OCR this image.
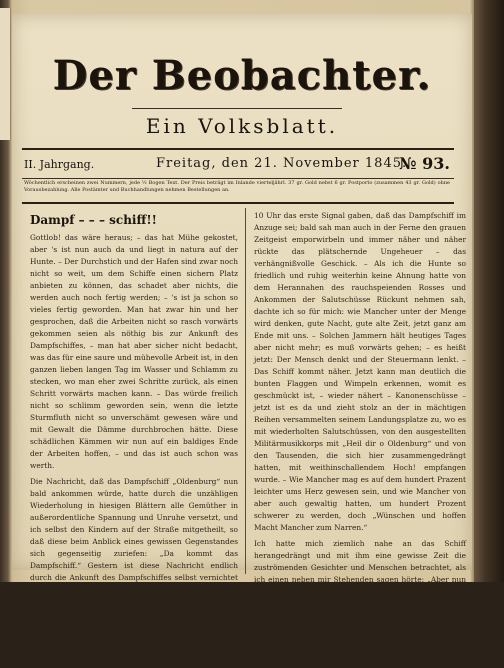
Der Beobachter.
Ein Volksblatt.
II. Jahrgang.	Freitag, den 21. November 1845.
№ 93.
Wöchentlich erscheinen zwei Nummern, jede ½ Bogen Text. Der Preis beträgt im Inlande vierteljährl. 37 gr. Gold nebst 6 gr. Postporto (zusammen 43 gr. Gold) ohne Vorausbezahlung. Alle Postämter und Buchhandlungen nehmen Bestellungen an.
Dampf – – – schiff!!
Gottlob! das wäre heraus; – das hat Mühe gekostet, aber 's ist nun auch da und liegt in natura auf der Hunte. – Der Durchstich und der Hafen sind zwar noch nicht so weit, um dem Schiffe einen sichern Platz anbieten zu können, das schadet aber nichts, die werden auch noch fertig werden; – 's ist ja schon so vieles fertig geworden. Man hat zwar hin und her gesprochen, daß die Arbeiten nicht so rasch vorwärts gekommen seien als nöthig bis zur Ankunft des Dampfschiffes, – man hat aber sicher nicht bedacht, was das für eine saure und mühevolle Arbeit ist, in den ganzen lieben langen Tag im Wasser und Schlamm zu stecken, wo man eher zwei Schritte zurück, als einen Schritt vorwärts machen kann. – Das würde freilich nicht so schlimm geworden sein, wenn die letzte Sturmfluth nicht so unverschämt gewesen wäre und mit Gewalt die Dämme durchbrochen hätte. Diese schädlichen Kämmen wir nun auf ein baldiges Ende der Arbeiten hoffen, – und das ist auch schon was werth.
Die Nachricht, daß das Dampfschiff „Oldenburg“ nun bald ankommen würde, hatte durch die unzähligen Wiederholung in hiesigen Blättern alle Gemüther in außerordentliche Spannung und Unruhe versetzt, und ich selbst den Kindern auf der Straße mitgetheilt, so daß diese beim Anblick eines gewissen Gegenstandes sich gegenseitig zuriefen: „Da kommt das Dampfschiff.“ Gestern ist diese Nachricht endlich durch die Ankunft des Dampfschiffes selbst vernichtet worden. – Eine große Menge Menschen hatte sich schon zeitig auf die Beine gemacht und war dem Schiffe bis gegen Blankenburg entgegengegangen; Tausende aber wurden seiner von den Staumeisen an bis Oldenburg. – Die Stadt war wie ausgestorben. – Auf dem Ferdam waren zwei Artilleriegeschütze aufgestellt, welche um
10 Uhr das erste Signal gaben, daß das Dampfschiff im Anzuge sei; bald sah man auch in der Ferne den grauen Zeitgeist emporwirbeln und immer näher und näher rückte das plätschernde Ungeheuer – das verhängnißvolle Geschick. – Als ich die Hunte so friedlich und ruhig weiterhin keine Ahnung hatte von dem Herannahen des rauchspeienden Rosses und Ankommen der Salutschüsse Rückunt nehmen sah, dachte ich so für mich: wie Mancher unter der Menge wird denken, gute Nacht, gute alte Zeit, jetzt ganz am Ende mit uns. – Solchen Jammern hält heutiges Tages aber nicht mehr; es muß vorwärts gehen; – es heißt jetzt: Der Mensch denkt und der Steuermann lenkt. – Das Schiff kommt näher. Jetzt kann man deutlich die bunten Flaggen und Wimpeln erkennen, womit es geschmückt ist, – wieder nähert – Kanonenschüsse – jetzt ist es da und zieht stolz an der in mächtigen Reihen versammelten seinem Landungsplatze zu, wo es mit wiederholten Salutschüssen, von den ausgestellten Militärmusikkorps mit „Heil dir o Oldenburg“ und von den Tausenden, die sich hier zusammengedrängt hatten, mit weithinschallendem Hoch! empfangen wurde. – Wie Mancher mag es auf dem hundert Prazent leichter ums Herz gewesen sein, und wie Mancher von aber auch gewaltig hatten, um hundert Prozent schwerer zu werden, doch „Wünschen und hoffen Macht Mancher zum Narren.“
Ich hatte mich ziemlich nahe an das Schiff herangedrängt und mit ihm eine gewisse Zeit die zuströmenden Gesichter und Menschen betrachtet, als ich einen neben mir Stehenden sagen hörte: „Aber nun – Ichß beit, o Oldenburg, ist es die höchste Zeit, daß gegen den Wind steh endlich einmal Dampfschiffe, so wollen wir sie fahren, wenn die nicht ganz von dem Standort fortzuziehen werden will? – der Anfang is gemacht.“ – „Damit hat es noch keine Noth“, sagte ein Anderer, „was will
